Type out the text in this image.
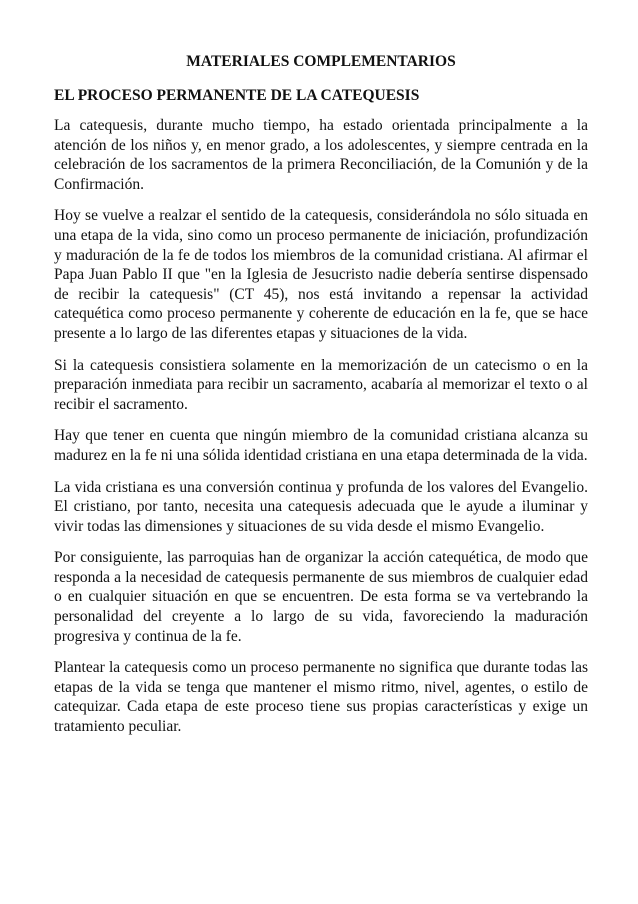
MATERIALES COMPLEMENTARIOS
EL PROCESO PERMANENTE DE LA CATEQUESIS

La catequesis, durante mucho tiempo, ha estado orientada principalmente a la atención de los niños y, en menor grado, a los adolescentes, y siempre centrada en la celebración de los sacramentos de la primera Reconciliación, de la Comunión y de la Confirmación.

Hoy se vuelve a realzar el sentido de la catequesis, considerándola no sólo situada en una etapa de la vida, sino como un proceso permanente de iniciación, profundización y maduración de la fe de todos los miembros de la comunidad cristiana. Al afirmar el Papa Juan Pablo II que "en la Iglesia de Jesucristo nadie debería sentirse dispensado de recibir la catequesis" (CT 45), nos está invitando a repensar la actividad catequética como proceso permanente y coherente de educación en la fe, que se hace presente a lo largo de las diferentes etapas y situaciones de la vida.

Si la catequesis consistiera solamente en la memorización de un catecismo o en la preparación inmediata para recibir un sacramento, acabaría al memorizar el texto o al recibir el sacramento.

Hay que tener en cuenta que ningún miembro de la comunidad cristiana alcanza su madurez en la fe ni una sólida identidad cristiana en una etapa determinada de la vida.

La vida cristiana es una conversión continua y profunda de los valores del Evangelio. El cristiano, por tanto, necesita una catequesis adecuada que le ayude a iluminar y vivir todas las dimensiones y situaciones de su vida desde el mismo Evangelio.

Por consiguiente, las parroquias han de organizar la acción catequética, de modo que responda a la necesidad de catequesis permanente de sus miembros de cualquier edad o en cualquier situación en que se encuentren. De esta forma se va vertebrando la personalidad del creyente a lo largo de su vida, favoreciendo la maduración progresiva y continua de la fe.

Plantear la catequesis como un proceso permanente no significa que durante todas las etapas de la vida se tenga que mantener el mismo ritmo, nivel, agentes, o estilo de catequizar. Cada etapa de este proceso tiene sus propias características y exige un tratamiento peculiar.
